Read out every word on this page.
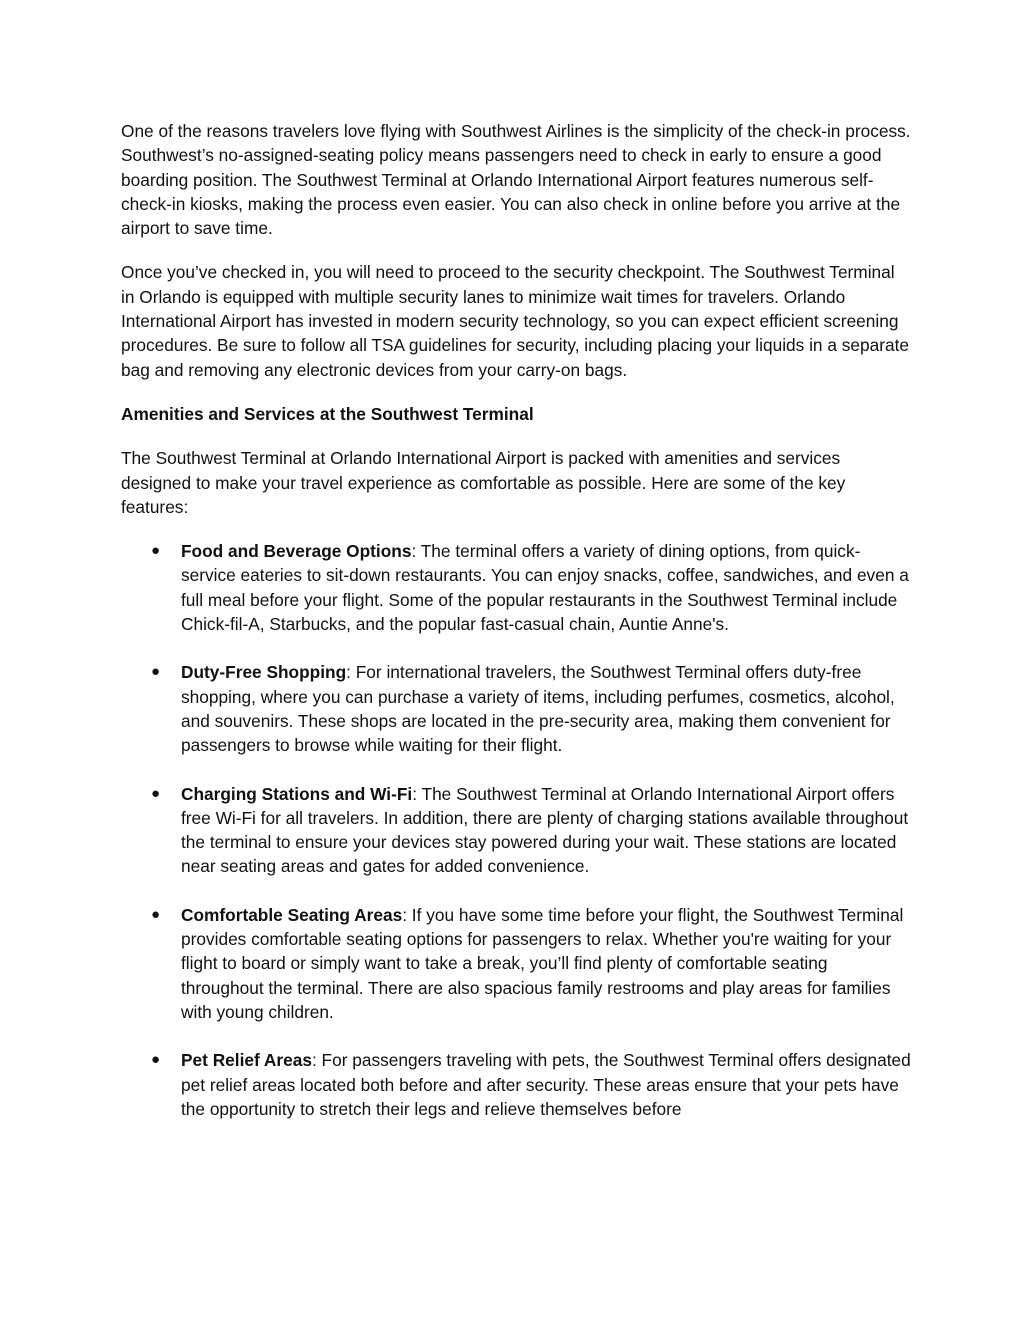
One of the reasons travelers love flying with Southwest Airlines is the simplicity of the check-in process. Southwest’s no-assigned-seating policy means passengers need to check in early to ensure a good boarding position. The Southwest Terminal at Orlando International Airport features numerous self-check-in kiosks, making the process even easier. You can also check in online before you arrive at the airport to save time.

Once you’ve checked in, you will need to proceed to the security checkpoint. The Southwest Terminal in Orlando is equipped with multiple security lanes to minimize wait times for travelers. Orlando International Airport has invested in modern security technology, so you can expect efficient screening procedures. Be sure to follow all TSA guidelines for security, including placing your liquids in a separate bag and removing any electronic devices from your carry-on bags.

Amenities and Services at the Southwest Terminal

The Southwest Terminal at Orlando International Airport is packed with amenities and services designed to make your travel experience as comfortable as possible. Here are some of the key features:

● Food and Beverage Options: The terminal offers a variety of dining options, from quick-service eateries to sit-down restaurants. You can enjoy snacks, coffee, sandwiches, and even a full meal before your flight. Some of the popular restaurants in the Southwest Terminal include Chick-fil-A, Starbucks, and the popular fast-casual chain, Auntie Anne's.
● Duty-Free Shopping: For international travelers, the Southwest Terminal offers duty-free shopping, where you can purchase a variety of items, including perfumes, cosmetics, alcohol, and souvenirs. These shops are located in the pre-security area, making them convenient for passengers to browse while waiting for their flight.
● Charging Stations and Wi-Fi: The Southwest Terminal at Orlando International Airport offers free Wi-Fi for all travelers. In addition, there are plenty of charging stations available throughout the terminal to ensure your devices stay powered during your wait. These stations are located near seating areas and gates for added convenience.
● Comfortable Seating Areas: If you have some time before your flight, the Southwest Terminal provides comfortable seating options for passengers to relax. Whether you're waiting for your flight to board or simply want to take a break, you’ll find plenty of comfortable seating throughout the terminal. There are also spacious family restrooms and play areas for families with young children.
● Pet Relief Areas: For passengers traveling with pets, the Southwest Terminal offers designated pet relief areas located both before and after security. These areas ensure that your pets have the opportunity to stretch their legs and relieve themselves before
